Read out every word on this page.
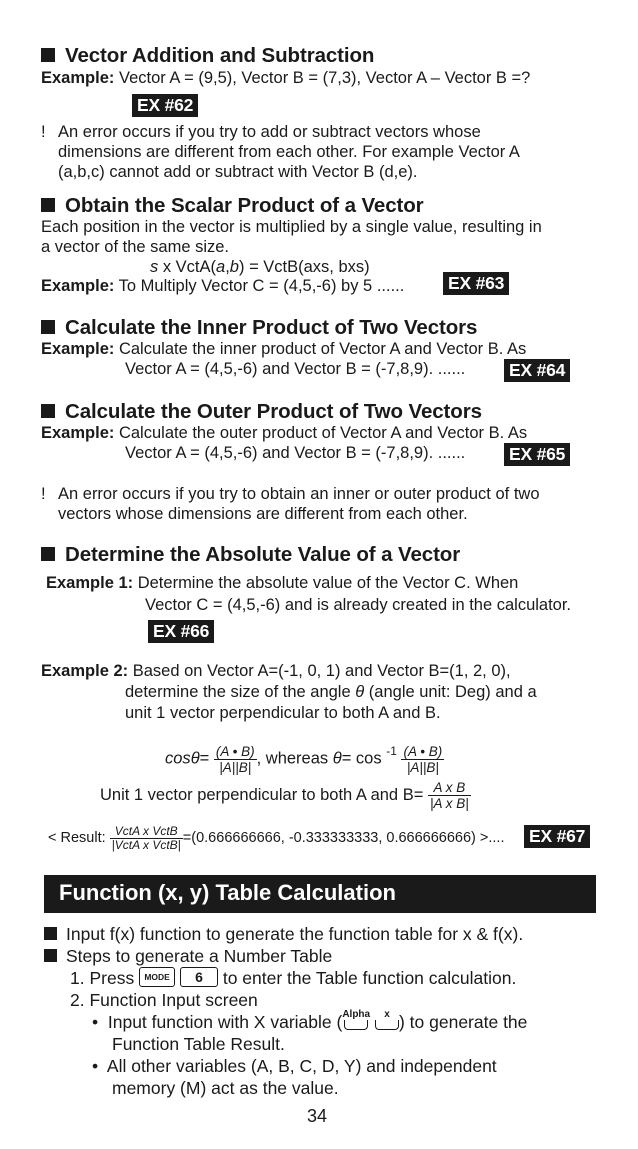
Vector Addition and Subtraction
Example: Vector A = (9,5), Vector B = (7,3), Vector A – Vector B =?
EX #62
! An error occurs if you try to add or subtract vectors whose
dimensions are different from each other. For example Vector A
(a,b,c) cannot add or subtract with Vector B (d,e).
Obtain the Scalar Product of a Vector
Each position in the vector is multiplied by a single value, resulting in
a vector of the same size.
s x VctA(a,b) = VctB(axs, bxs)
Example: To Multiply Vector C = (4,5,-6) by 5 ...... EX #63
Calculate the Inner Product of Two Vectors
Example: Calculate the inner product of Vector A and Vector B. As
Vector A = (4,5,-6) and Vector B = (-7,8,9). ...... EX #64
Calculate the Outer Product of Two Vectors
Example: Calculate the outer product of Vector A and Vector B. As
Vector A = (4,5,-6) and Vector B = (-7,8,9). ...... EX #65
! An error occurs if you try to obtain an inner or outer product of two
vectors whose dimensions are different from each other.
Determine the Absolute Value of a Vector
Example 1: Determine the absolute value of the Vector C. When
Vector C = (4,5,-6) and is already created in the calculator.
EX #66
Example 2: Based on Vector A=(-1, 0, 1) and Vector B=(1, 2, 0),
determine the size of the angle θ (angle unit: Deg) and a
unit 1 vector perpendicular to both A and B.
$\cos\theta= \frac{(A • B)}{|A||B|}$ , whereas $\theta= \cos ^{-1} \frac{(A • B)}{|A||B|}$
Unit 1 vector perpendicular to both A and $B= \frac{\text{A x B}}{\text{|A x B|}}$
< Result: $\frac{\text{VctA x VctB}}{\text{|VctA x VctB|}} =(0.666666666$, -0.333333333, 0.666666666) >.... EX #67
Function (x, y) Table Calculation
Input f(x) function to generate the function table for x & f(x).
Steps to generate a Number Table
1. Press MODE 6 to enter the Table function calculation.
2. Function Input screen
• Input function with X variable ( Alpha
	x ) to generate the
Function Table Result.
• All other variables (A, B, C, D, Y) and independent
memory (M) act as the value.
34
